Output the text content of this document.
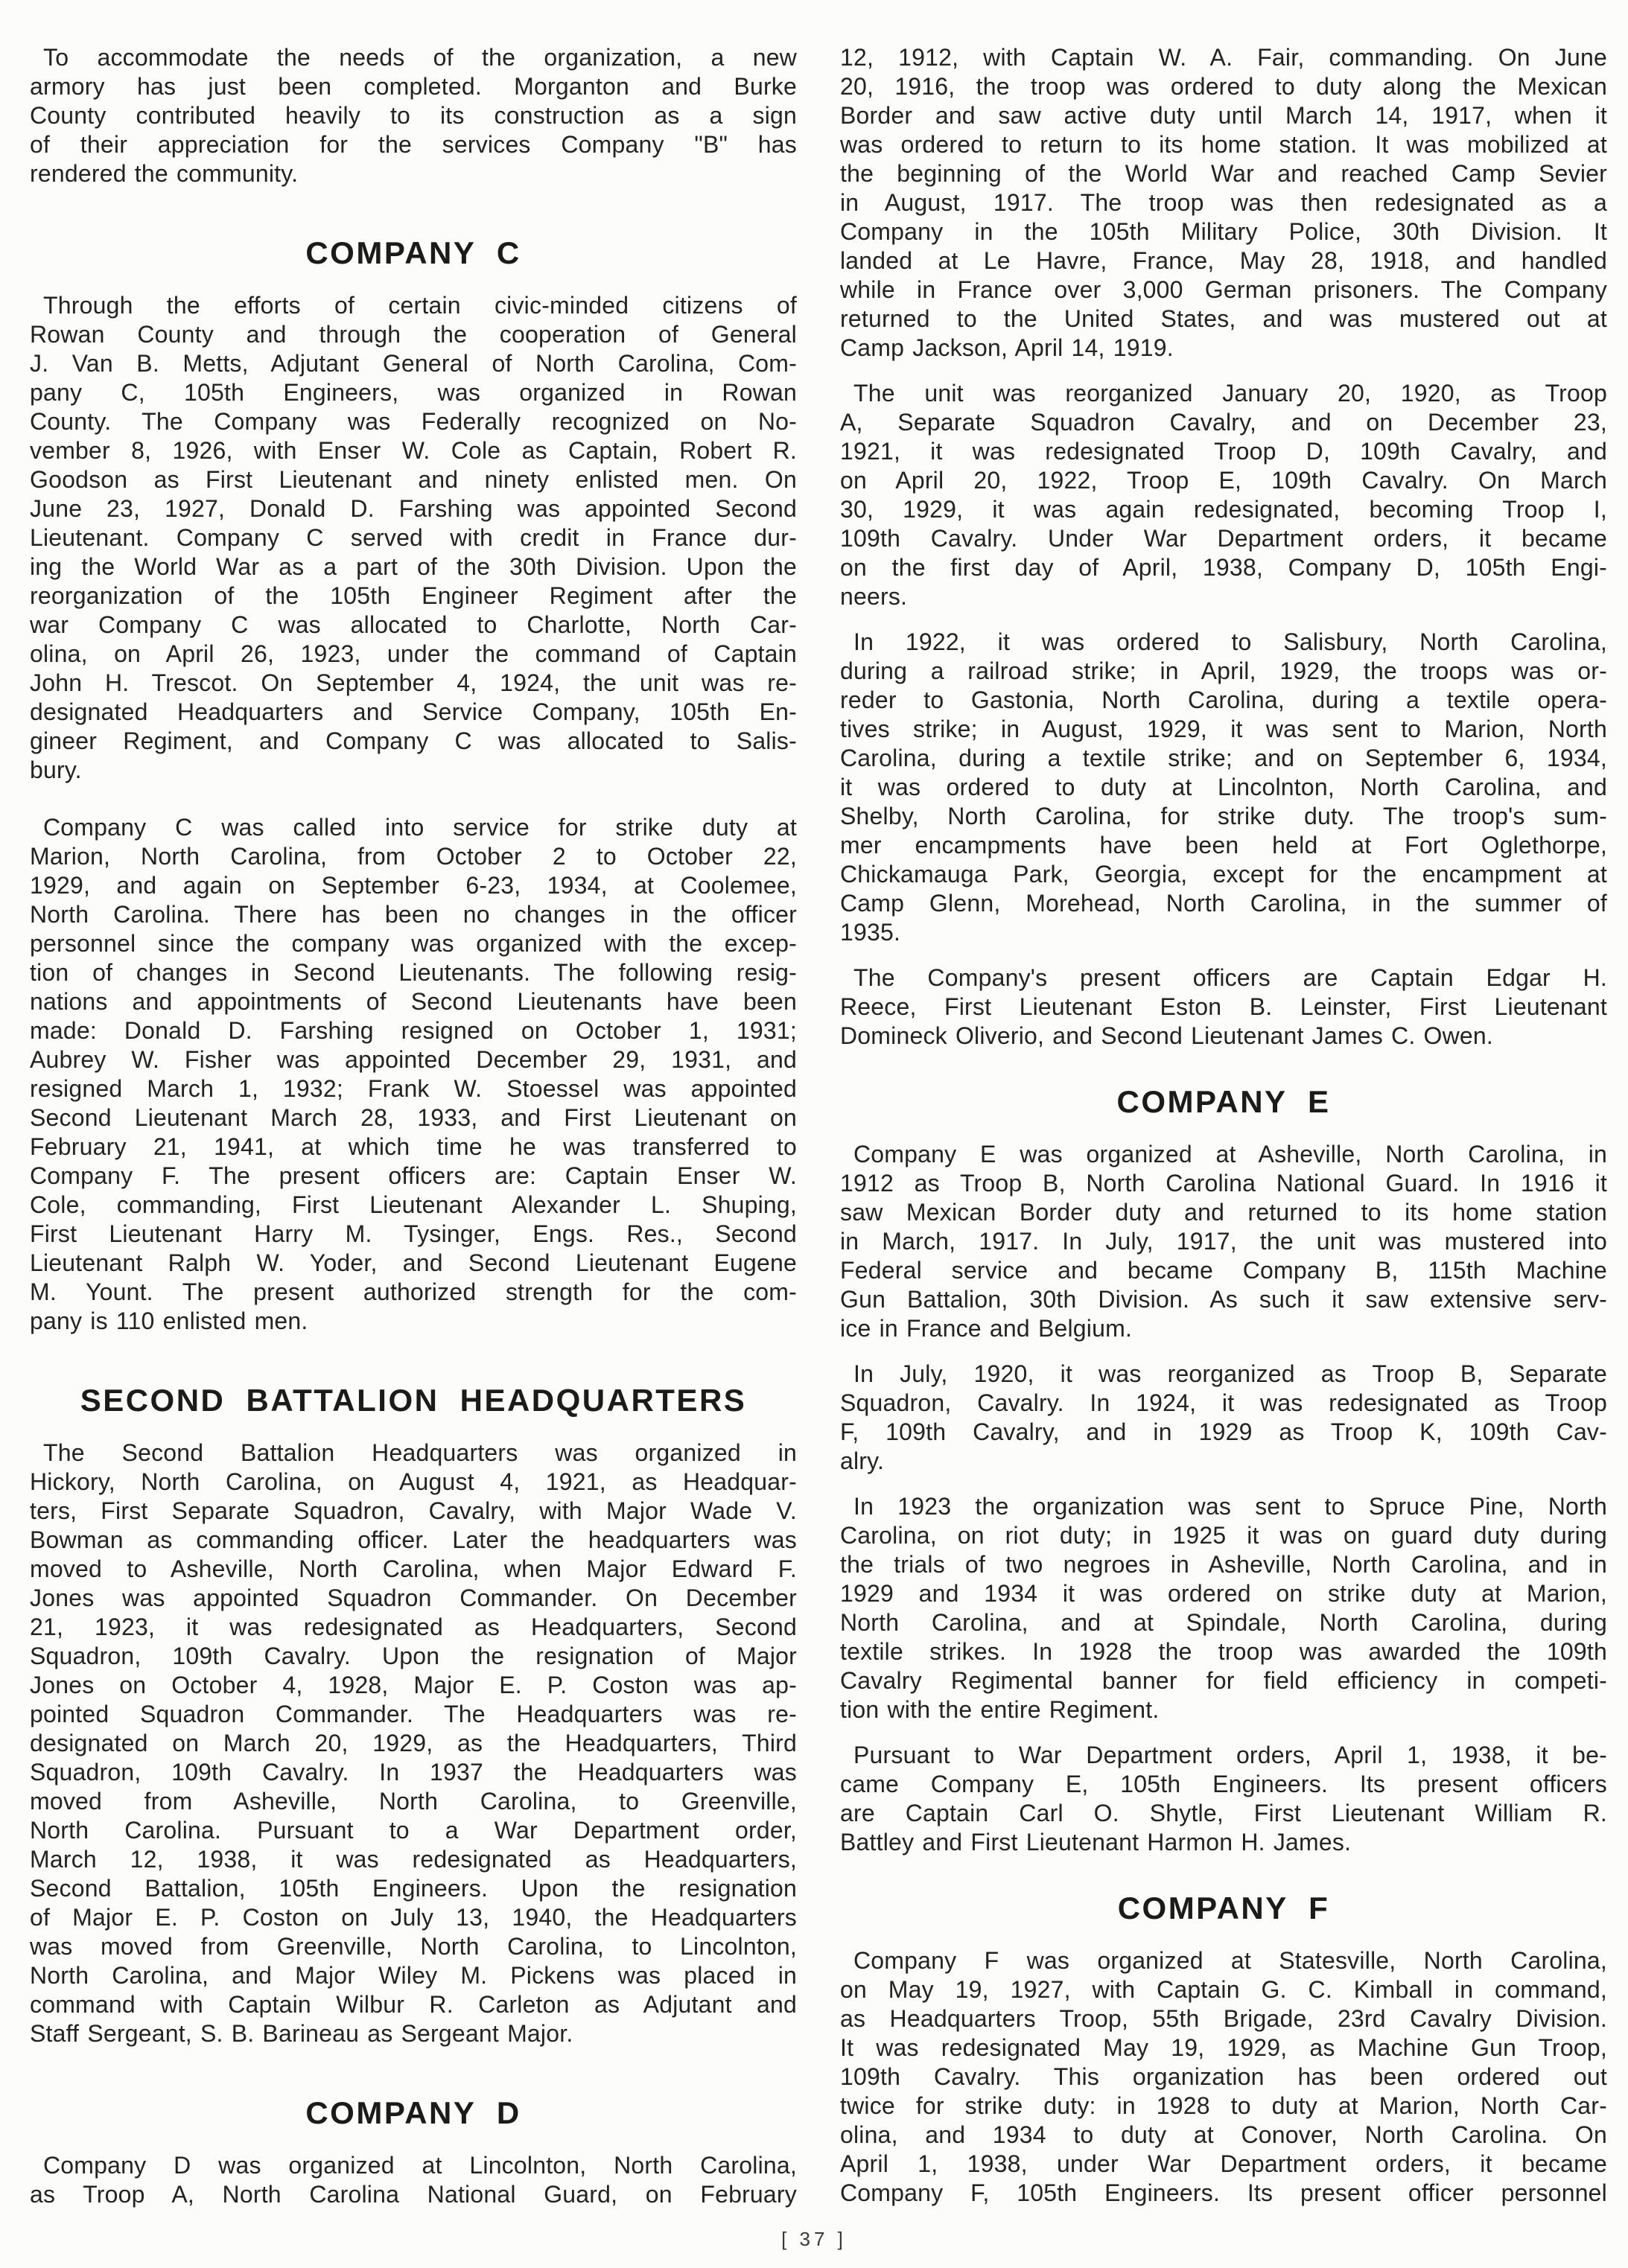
To accommodate the needs of the organization, a new
armory has just been completed. Morganton and Burke
County contributed heavily to its construction as a sign
of their appreciation for the services Company "B" has
rendered the community.
COMPANY C
Through the efforts of certain civic-minded citizens of
Rowan County and through the cooperation of General
J. Van B. Metts, Adjutant General of North Carolina, Com-
pany C, 105th Engineers, was organized in Rowan
County. The Company was Federally recognized on No-
vember 8, 1926, with Enser W. Cole as Captain, Robert R.
Goodson as First Lieutenant and ninety enlisted men. On
June 23, 1927, Donald D. Farshing was appointed Second
Lieutenant. Company C served with credit in France dur-
ing the World War as a part of the 30th Division. Upon the
reorganization of the 105th Engineer Regiment after the
war Company C was allocated to Charlotte, North Car-
olina, on April 26, 1923, under the command of Captain
John H. Trescot. On September 4, 1924, the unit was re-
designated Headquarters and Service Company, 105th En-
gineer Regiment, and Company C was allocated to Salis-
bury.
Company C was called into service for strike duty at
Marion, North Carolina, from October 2 to October 22,
1929, and again on September 6-23, 1934, at Coolemee,
North Carolina. There has been no changes in the officer
personnel since the company was organized with the excep-
tion of changes in Second Lieutenants. The following resig-
nations and appointments of Second Lieutenants have been
made: Donald D. Farshing resigned on October 1, 1931;
Aubrey W. Fisher was appointed December 29, 1931, and
resigned March 1, 1932; Frank W. Stoessel was appointed
Second Lieutenant March 28, 1933, and First Lieutenant on
February 21, 1941, at which time he was transferred to
Company F. The present officers are: Captain Enser W.
Cole, commanding, First Lieutenant Alexander L. Shuping,
First Lieutenant Harry M. Tysinger, Engs. Res., Second
Lieutenant Ralph W. Yoder, and Second Lieutenant Eugene
M. Yount. The present authorized strength for the com-
pany is 110 enlisted men.
SECOND BATTALION HEADQUARTERS
The Second Battalion Headquarters was organized in
Hickory, North Carolina, on August 4, 1921, as Headquar-
ters, First Separate Squadron, Cavalry, with Major Wade V.
Bowman as commanding officer. Later the headquarters was
moved to Asheville, North Carolina, when Major Edward F.
Jones was appointed Squadron Commander. On December
21, 1923, it was redesignated as Headquarters, Second
Squadron, 109th Cavalry. Upon the resignation of Major
Jones on October 4, 1928, Major E. P. Coston was ap-
pointed Squadron Commander. The Headquarters was re-
designated on March 20, 1929, as the Headquarters, Third
Squadron, 109th Cavalry. In 1937 the Headquarters was
moved from Asheville, North Carolina, to Greenville,
North Carolina. Pursuant to a War Department order,
March 12, 1938, it was redesignated as Headquarters,
Second Battalion, 105th Engineers. Upon the resignation
of Major E. P. Coston on July 13, 1940, the Headquarters
was moved from Greenville, North Carolina, to Lincolnton,
North Carolina, and Major Wiley M. Pickens was placed in
command with Captain Wilbur R. Carleton as Adjutant and
Staff Sergeant, S. B. Barineau as Sergeant Major.
COMPANY D
Company D was organized at Lincolnton, North Carolina,
as Troop A, North Carolina National Guard, on February
12, 1912, with Captain W. A. Fair, commanding. On June
20, 1916, the troop was ordered to duty along the Mexican
Border and saw active duty until March 14, 1917, when it
was ordered to return to its home station. It was mobilized at
the beginning of the World War and reached Camp Sevier
in August, 1917. The troop was then redesignated as a
Company in the 105th Military Police, 30th Division. It
landed at Le Havre, France, May 28, 1918, and handled
while in France over 3,000 German prisoners. The Company
returned to the United States, and was mustered out at
Camp Jackson, April 14, 1919.
The unit was reorganized January 20, 1920, as Troop
A, Separate Squadron Cavalry, and on December 23,
1921, it was redesignated Troop D, 109th Cavalry, and
on April 20, 1922, Troop E, 109th Cavalry. On March
30, 1929, it was again redesignated, becoming Troop I,
109th Cavalry. Under War Department orders, it became
on the first day of April, 1938, Company D, 105th Engi-
neers.
In 1922, it was ordered to Salisbury, North Carolina,
during a railroad strike; in April, 1929, the troops was or-
reder to Gastonia, North Carolina, during a textile opera-
tives strike; in August, 1929, it was sent to Marion, North
Carolina, during a textile strike; and on September 6, 1934,
it was ordered to duty at Lincolnton, North Carolina, and
Shelby, North Carolina, for strike duty. The troop's sum-
mer encampments have been held at Fort Oglethorpe,
Chickamauga Park, Georgia, except for the encampment at
Camp Glenn, Morehead, North Carolina, in the summer of
1935.
The Company's present officers are Captain Edgar H.
Reece, First Lieutenant Eston B. Leinster, First Lieutenant
Domineck Oliverio, and Second Lieutenant James C. Owen.
COMPANY E
Company E was organized at Asheville, North Carolina, in
1912 as Troop B, North Carolina National Guard. In 1916 it
saw Mexican Border duty and returned to its home station
in March, 1917. In July, 1917, the unit was mustered into
Federal service and became Company B, 115th Machine
Gun Battalion, 30th Division. As such it saw extensive serv-
ice in France and Belgium.
In July, 1920, it was reorganized as Troop B, Separate
Squadron, Cavalry. In 1924, it was redesignated as Troop
F, 109th Cavalry, and in 1929 as Troop K, 109th Cav-
alry.
In 1923 the organization was sent to Spruce Pine, North
Carolina, on riot duty; in 1925 it was on guard duty during
the trials of two negroes in Asheville, North Carolina, and in
1929 and 1934 it was ordered on strike duty at Marion,
North Carolina, and at Spindale, North Carolina, during
textile strikes. In 1928 the troop was awarded the 109th
Cavalry Regimental banner for field efficiency in competi-
tion with the entire Regiment.
Pursuant to War Department orders, April 1, 1938, it be-
came Company E, 105th Engineers. Its present officers
are Captain Carl O. Shytle, First Lieutenant William R.
Battley and First Lieutenant Harmon H. James.
COMPANY F
Company F was organized at Statesville, North Carolina,
on May 19, 1927, with Captain G. C. Kimball in command,
as Headquarters Troop, 55th Brigade, 23rd Cavalry Division.
It was redesignated May 19, 1929, as Machine Gun Troop,
109th Cavalry. This organization has been ordered out
twice for strike duty: in 1928 to duty at Marion, North Car-
olina, and 1934 to duty at Conover, North Carolina. On
April 1, 1938, under War Department orders, it became
Company F, 105th Engineers. Its present officer personnel
[ 37 ]
